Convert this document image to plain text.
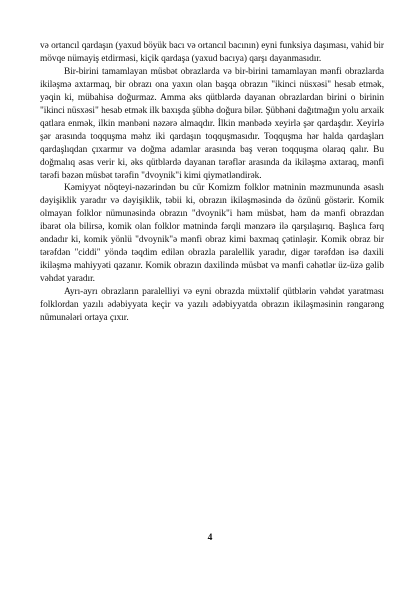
və ortancıl qardaşın (yaxud böyük bacı və ortancıl bacının) eyni funksiya daşıması, vahid bir mövqe nümayiş etdirməsi, kiçik qardaşa (yaxud bacıya) qarşı dayanmasıdır.

Bir-birini tamamlayan müsbət obrazlarda və bir-birini tamamlayan mənfi obrazlarda ikiləşmə axtarmaq, bir obrazı ona yaxın olan başqa obrazın "ikinci nüsxəsi" hesab etmək, yəqin ki, mübahisə doğurmaz. Amma əks qütblərdə dayanan obrazlardan birini o birinin "ikinci nüsxəsi" hesab etmək ilk baxışda şübhə doğura bilər. Şübhəni dağıtmağın yolu arxaik qatlara enmək, ilkin mənbəni nəzərə almaqdır. İlkin mənbədə xeyirlə şər qardaşdır. Xeyirlə şər arasında toqquşma məhz iki qardaşın toqquşmasıdır. Toqquşma hər halda qardaşları qardaşlıqdan çıxarmır və doğma adamlar arasında baş verən toqquşma olaraq qalır. Bu doğmalıq əsas verir ki, əks qütblərdə dayanan tərəflər arasında da ikiləşmə axtaraq, mənfi tərəfi bəzən müsbət tərəfin "dvoynik"i kimi qiymətləndirək.

Kəmiyyət nöqteyi-nəzərindən bu cür Komizm folklor mətninin məzmununda əsaslı dəyişiklik yaradır və dəyişiklik, təbii ki, obrazın ikiləşməsində də özünü göstərir. Komik olmayan folklor nümunəsində obrazın "dvoynik"i həm müsbət, həm də mənfi obrazdan ibarət ola bilirsə, komik olan folklor mətnində fərqli mənzərə ilə qarşılaşırıq. Başlıca fərq əndadır ki, komik yönlü "dvoynik"ə mənfi obraz kimi baxmaq çətinləşir. Komik obraz bir tərəfdən "ciddi" yöndə təqdim edilən obrazla paralellik yaradır, digər tərəfdən isə daxili ikiləşmə mahiyyəti qazanır. Komik obrazın daxilində müsbət və mənfi cəhətlər üz-üzə gəlib vəhdət yaradır.

Ayrı-ayrı obrazların paralelliyi və eyni obrazda müxtəlif qütblərin vəhdət yaratması folklordan yazılı ədəbiyyata keçir və yazılı ədəbiyyatda obrazın ikiləşməsinin rəngarəng nümunələri ortaya çıxır.

4
